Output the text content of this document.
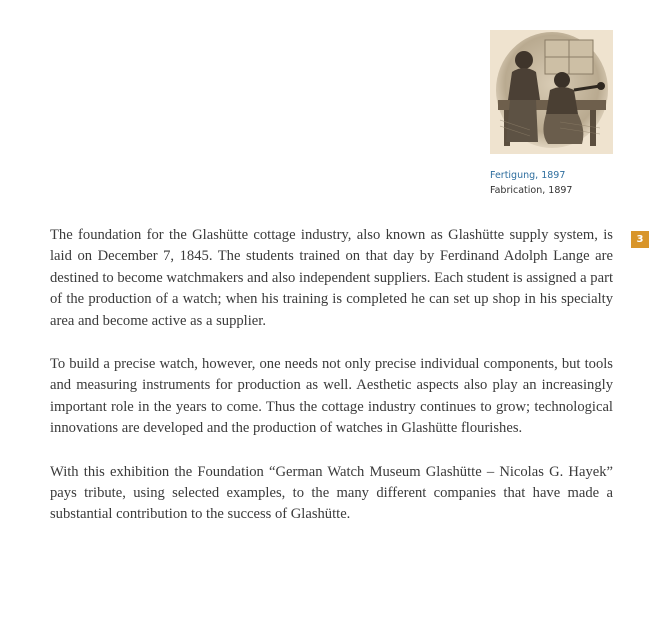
Fertigung, 1897
Fabrication, 1897
3

The foundation for the Glashütte cottage industry, also known as Glashütte supply system, is laid on December 7, 1845. The students trained on that day by Ferdinand Adolph Lange are destined to become watchmakers and also independent suppliers. Each student is assigned a part of the production of a watch; when his training is completed he can set up shop in his specialty area and become active as a supplier.

To build a precise watch, however, one needs not only precise individual components, but tools and measuring instruments for production as well. Aesthetic aspects also play an increasingly important role in the years to come. Thus the cottage industry continues to grow; technological innovations are developed and the production of watches in Glashütte flourishes.

With this exhibition the Foundation “German Watch Museum Glashütte – Nicolas G. Hayek” pays tribute, using selected examples, to the many different companies that have made a substantial contribution to the success of Glashütte.
